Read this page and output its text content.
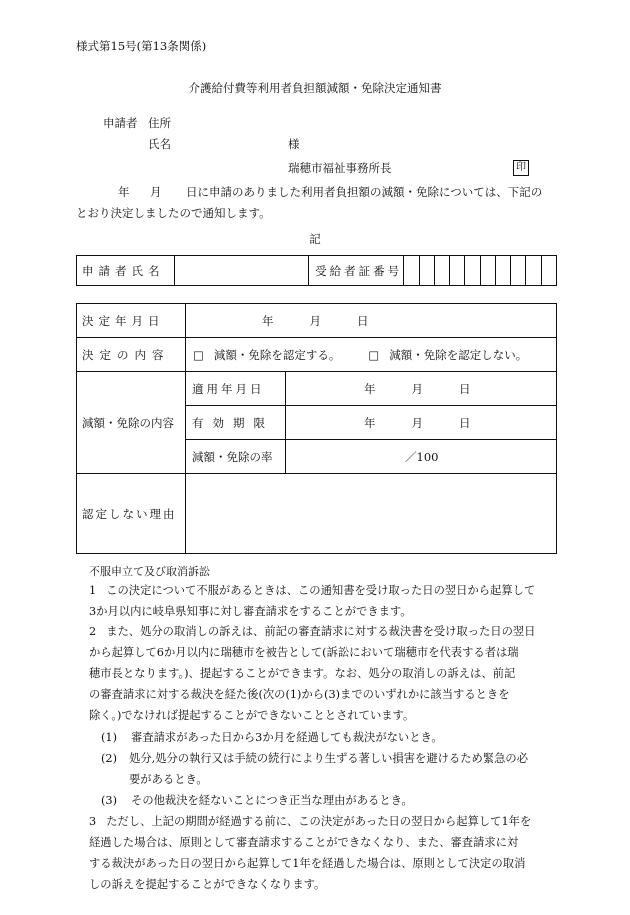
様式第15号(第13条関係)
介護給付費等利用者負担額減額・免除決定通知書
申請者 住所
氏名	様
瑞穂市福祉事務所長	印
年 月 日に申請のありました利用者負担額の減額・免除については、下記の
とおり決定しましたので通知します。
記
申請者氏名		受給者証番号										
決定年月日	年 月 日	
決定の内容	□ 減額・免除を認定する。 □ 減額・免除を認定しない。	
減額・免除の内容	適用年月日	年 月 日
	有効期限	年 月 日
	減額・免除の率	／100
認定しない理由		
不服申立て及び取消訴訟
1 この決定について不服があるときは、この通知書を受け取った日の翌日から起算して
3か月以内に岐阜県知事に対し審査請求をすることができます。
2 また、処分の取消しの訴えは、前記の審査請求に対する裁決書を受け取った日の翌日
から起算して6か月以内に瑞穂市を被告として(訴訟において瑞穂市を代表する者は瑞
穂市長となります。)、提起することができます。なお、処分の取消しの訴えは、前記
の審査請求に対する裁決を経た後(次の(1)から(3)までのいずれかに該当するときを
除く。)でなければ提起することができないこととされています。
(1) 審査請求があった日から3か月を経過しても裁決がないとき。
(2) 処分,処分の執行又は手続の続行により生ずる著しい損害を避けるため緊急の必
要があるとき。
(3) その他裁決を経ないことにつき正当な理由があるとき。
3 ただし、上記の期間が経過する前に、この決定があった日の翌日から起算して1年を
経過した場合は、原則として審査請求することができなくなり、また、審査請求に対
する裁決があった日の翌日から起算して1年を経過した場合は、原則として決定の取消
しの訴えを提起することができなくなります。
